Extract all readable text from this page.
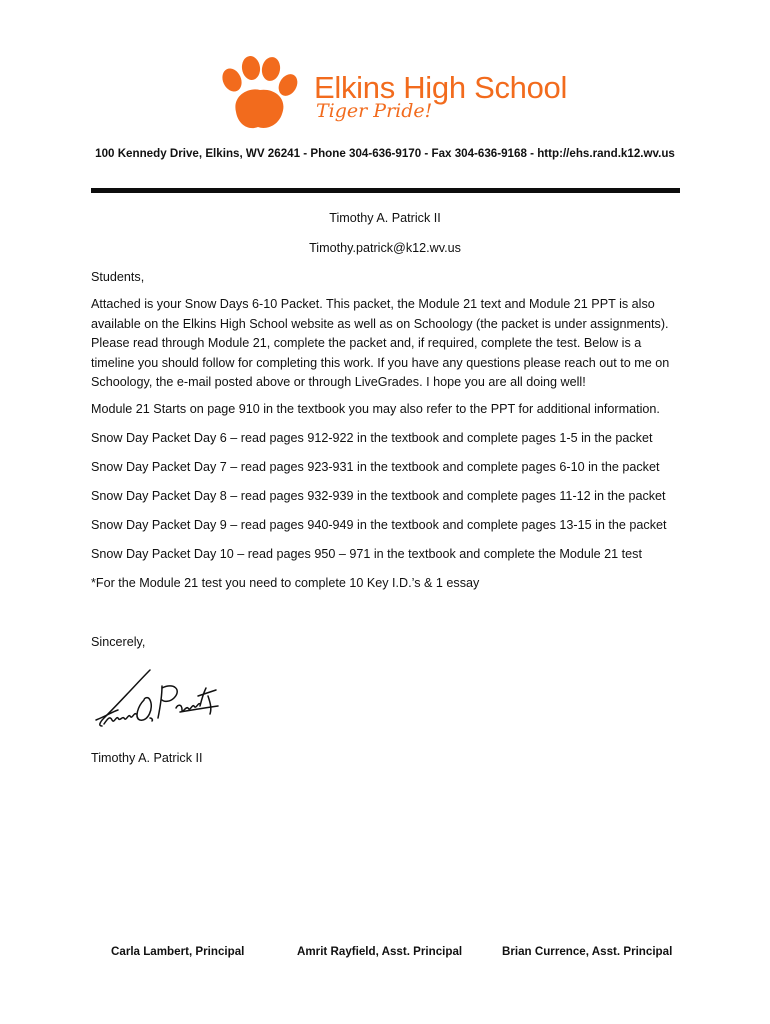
Elkins High School

Tiger Pride!

100 Kennedy Drive, Elkins, WV 26241 - Phone 304-636-9170 - Fax 304-636-9168 - http://ehs.rand.k12.wv.us
Timothy A. Patrick II
Timothy.patrick@k12.wv.us
Students,
Attached is your Snow Days 6-10 Packet. This packet, the Module 21 text and Module 21 PPT is also available on the Elkins High School website as well as on Schoology (the packet is under assignments). Please read through Module 21, complete the packet and, if required, complete the test. Below is a timeline you should follow for completing this work. If you have any questions please reach out to me on Schoology, the e-mail posted above or through LiveGrades. I hope you are all doing well!
Module 21 Starts on page 910 in the textbook you may also refer to the PPT for additional information.
Snow Day Packet Day 6 – read pages 912-922 in the textbook and complete pages 1-5 in the packet
Snow Day Packet Day 7 – read pages 923-931 in the textbook and complete pages 6-10 in the packet
Snow Day Packet Day 8 – read pages 932-939 in the textbook and complete pages 11-12 in the packet
Snow Day Packet Day 9 – read pages 940-949 in the textbook and complete pages 13-15 in the packet
Snow Day Packet Day 10 – read pages 950 – 971 in the textbook and complete the Module 21 test
*For the Module 21 test you need to complete 10 Key I.D.’s & 1 essay
Sincerely,
Timothy A. Patrick II
Carla Lambert, Principal	Amrit Rayfield, Asst. Principal	Brian Currence, Asst. Principal
